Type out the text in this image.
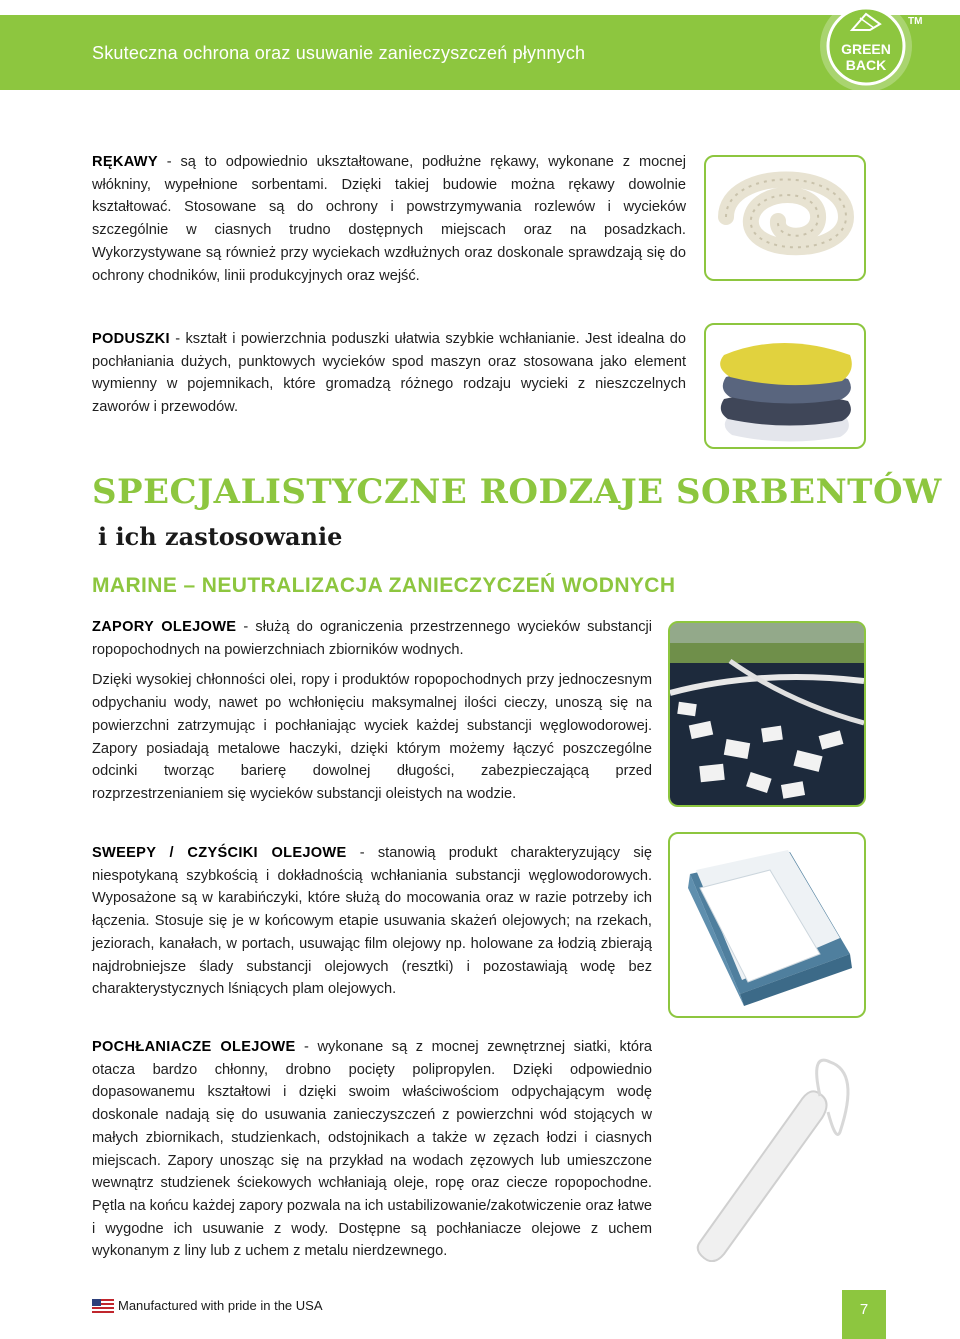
Skuteczna ochrona oraz usuwanie zanieczyszczeń płynnych	GREEN
BACK
TM

RĘKAWY - są to odpowiednio ukształtowane, podłużne rękawy, wykonane z mocnej włókniny, wypełnione sorbentami. Dzięki takiej budowie można rękawy dowolnie kształtować. Stosowane są do ochrony i powstrzymywania rozlewów i wycieków szczególnie w ciasnych trudno dostępnych miejscach oraz na posadzkach. Wykorzystywane są również przy wyciekach wzdłużnych oraz doskonale sprawdzają się do ochrony chodników, linii produkcyjnych oraz wejść.

PODUSZKI - kształt i powierzchnia poduszki ułatwia szybkie wchłanianie. Jest idealna do pochłaniania dużych, punktowych wycieków spod maszyn oraz stosowana jako element wymienny w pojemnikach, które gromadzą różnego rodzaju wycieki z nieszczelnych zaworów i przewodów.

SPECJALISTYCZNE RODZAJE SORBENTÓW
i ich zastosowanie
MARINE – NEUTRALIZACJA ZANIECZYCZEŃ WODNYCH

ZAPORY OLEJOWE - służą do ograniczenia przestrzennego wycieków substancji ropopochodnych na powierzchniach zbiorników wodnych.

Dzięki wysokiej chłonności olei, ropy i produktów ropopochodnych przy jednoczesnym odpychaniu wody, nawet po wchłonięciu maksymalnej ilości cieczy, unoszą się na powierzchni zatrzymując i pochłaniając wyciek każdej substancji węglowodorowej. Zapory posiadają metalowe haczyki, dzięki którym możemy łączyć poszczególne odcinki tworząc barierę dowolnej długości, zabezpieczającą przed rozprzestrzenianiem się wycieków substancji oleistych na wodzie.

SWEEPY / CZYŚCIKI OLEJOWE - stanowią produkt charakteryzujący się niespotykaną szybkością i dokładnością wchłaniania substancji węglowodorowych. Wyposażone są w karabińczyki, które służą do mocowania oraz w razie potrzeby ich łączenia. Stosuje się je w końcowym etapie usuwania skażeń olejowych; na rzekach, jeziorach, kanałach, w portach, usuwając film olejowy np. holowane za łodzią zbierają najdrobniejsze ślady substancji olejowych (resztki) i pozostawiają wodę bez charakterystycznych lśniących plam olejowych.

POCHŁANIACZE OLEJOWE - wykonane są z mocnej zewnętrznej siatki, która otacza bardzo chłonny, drobno pocięty polipropylen. Dzięki odpowiednio dopasowanemu kształtowi i dzięki swoim właściwościom odpychającym wodę doskonale nadają się do usuwania zanieczyszczeń z powierzchni wód stojących w małych zbiornikach, studzienkach, odstojnikach a także w zęzach łodzi i ciasnych miejscach. Zapory unosząc się na przykład na wodach zęzowych lub umieszczone wewnątrz studzienek ściekowych wchłaniają oleje, ropę oraz ciecze ropopochodne. Pętla na końcu każdej zapory pozwala na ich ustabilizowanie/zakotwiczenie oraz łatwe i wygodne ich usuwanie z wody. Dostępne są pochłaniacze olejowe z uchem wykonanym z liny lub z uchem z metalu nierdzewnego.

Manufactured with pride in the USA	7
